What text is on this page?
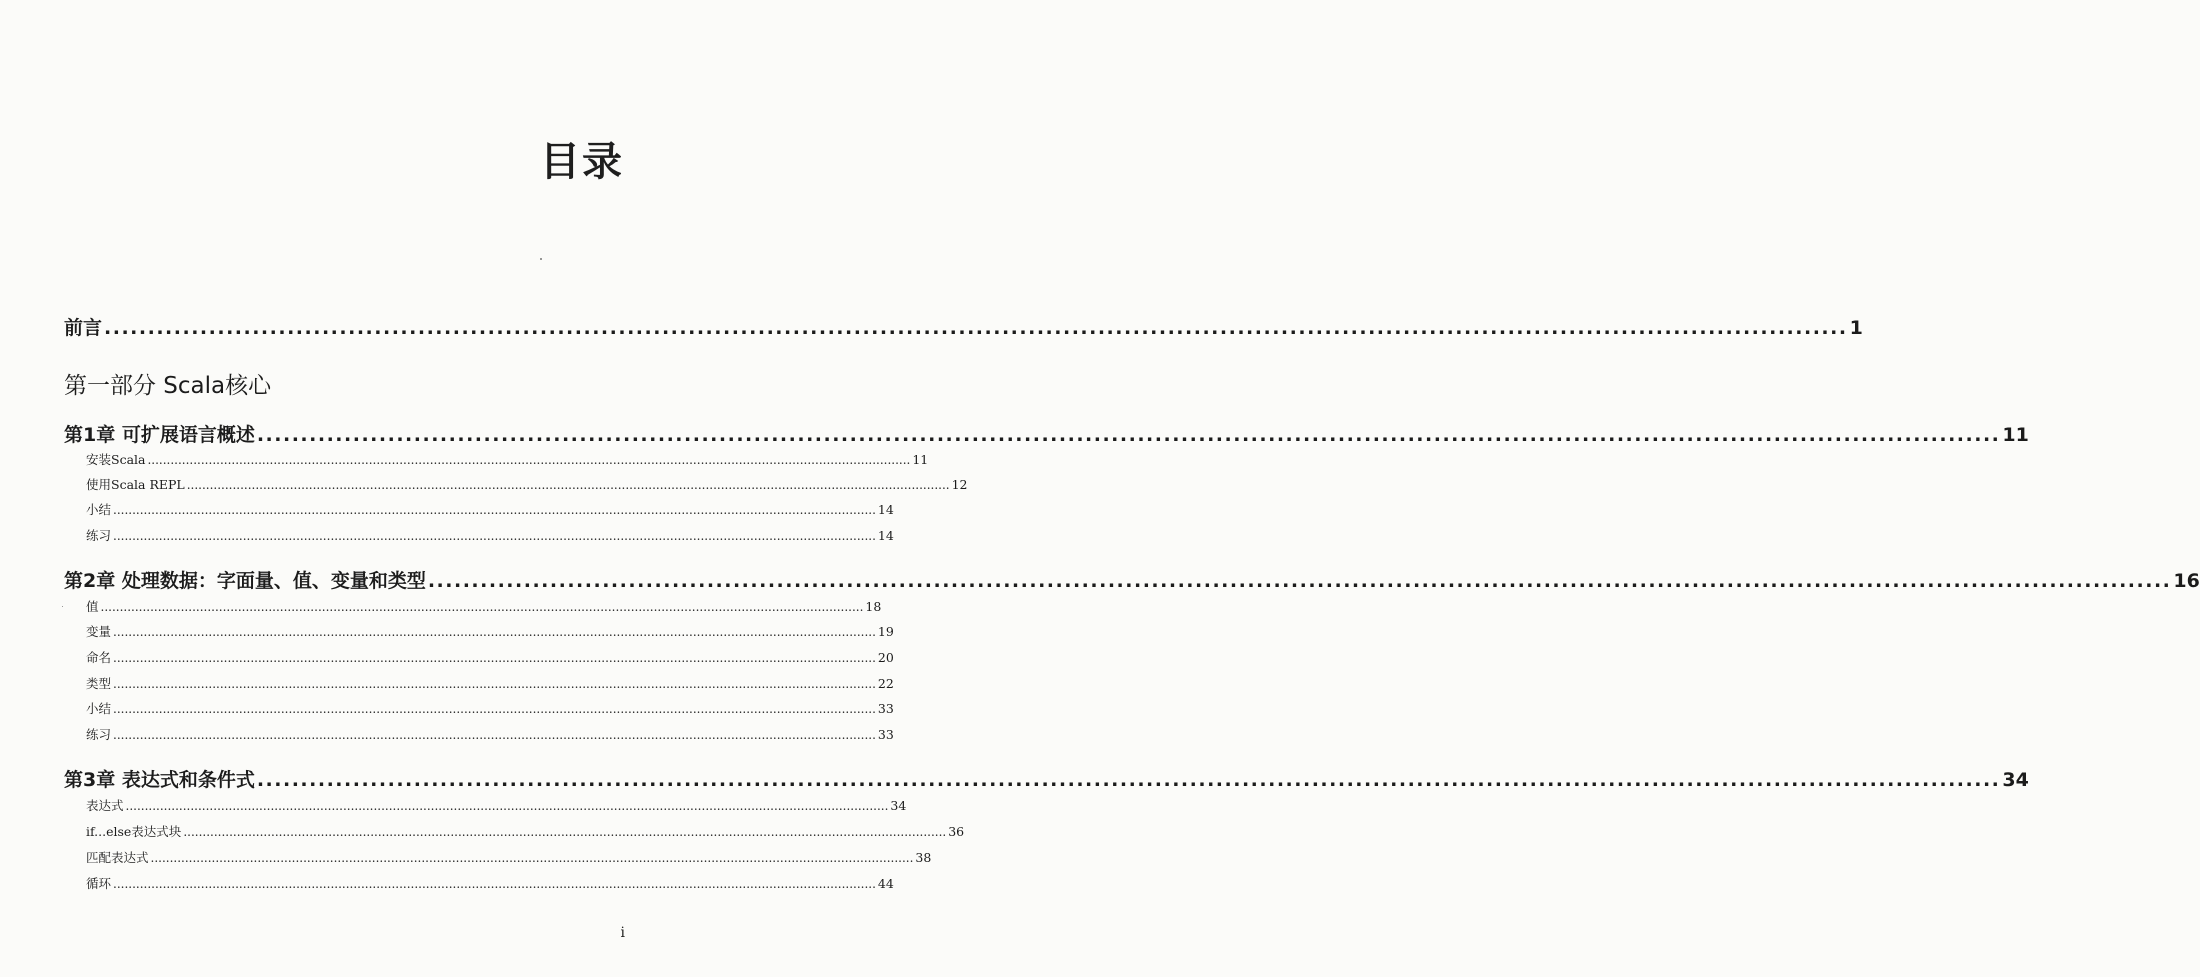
目录
前言 ........................................................................................................................................................................................................ 1
第一部分 Scala核心
第1章 可扩展语言概述 ........................................................................................................................................................................................................ 11
安装Scala ........................................................................................................................................................................................................ 11
使用Scala REPL ........................................................................................................................................................................................................ 12
小结 ........................................................................................................................................................................................................ 14
练习 ........................................................................................................................................................................................................ 14
第2章 处理数据：字面量、值、变量和类型 ........................................................................................................................................................................................................ 16
值 ........................................................................................................................................................................................................ 18
变量 ........................................................................................................................................................................................................ 19
命名 ........................................................................................................................................................................................................ 20
类型 ........................................................................................................................................................................................................ 22
小结 ........................................................................................................................................................................................................ 33
练习 ........................................................................................................................................................................................................ 33
第3章 表达式和条件式 ........................................................................................................................................................................................................ 34
表达式 ........................................................................................................................................................................................................ 34
if...else表达式块 ........................................................................................................................................................................................................ 36
匹配表达式 ........................................................................................................................................................................................................ 38
循环 ........................................................................................................................................................................................................ 44
i
